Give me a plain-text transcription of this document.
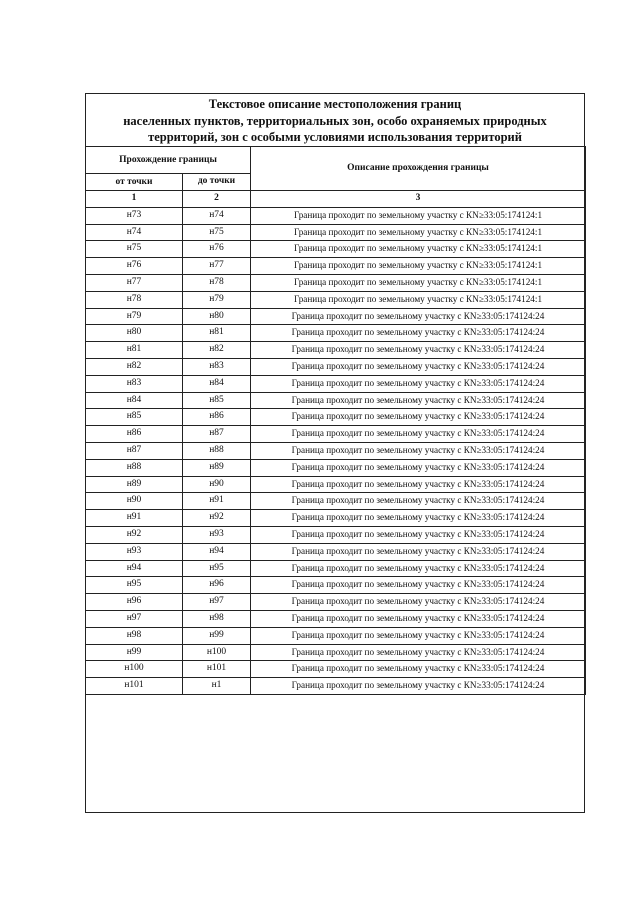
Текстовое описание местоположения границ
населенных пунктов, территориальных зон, особо охраняемых природных
территорий, зон с особыми условиями использования территорий
Прохождение границы		Описание прохождения границы
от точки	до точки	
1	2	3
н73	н74	Граница проходит по земельному участку с КN≥33:05:174124:1
н74	н75	Граница проходит по земельному участку с КN≥33:05:174124:1
н75	н76	Граница проходит по земельному участку с КN≥33:05:174124:1
н76	н77	Граница проходит по земельному участку с КN≥33:05:174124:1
н77	н78	Граница проходит по земельному участку с КN≥33:05:174124:1
н78	н79	Граница проходит по земельному участку с КN≥33:05:174124:1
н79	н80	Граница проходит по земельному участку с КN≥33:05:174124:24
н80	н81	Граница проходит по земельному участку с КN≥33:05:174124:24
н81	н82	Граница проходит по земельному участку с КN≥33:05:174124:24
н82	н83	Граница проходит по земельному участку с КN≥33:05:174124:24
н83	н84	Граница проходит по земельному участку с КN≥33:05:174124:24
н84	н85	Граница проходит по земельному участку с КN≥33:05:174124:24
н85	н86	Граница проходит по земельному участку с КN≥33:05:174124:24
н86	н87	Граница проходит по земельному участку с КN≥33:05:174124:24
н87	н88	Граница проходит по земельному участку с КN≥33:05:174124:24
н88	н89	Граница проходит по земельному участку с КN≥33:05:174124:24
н89	н90	Граница проходит по земельному участку с КN≥33:05:174124:24
н90	н91	Граница проходит по земельному участку с КN≥33:05:174124:24
н91	н92	Граница проходит по земельному участку с КN≥33:05:174124:24
н92	н93	Граница проходит по земельному участку с КN≥33:05:174124:24
н93	н94	Граница проходит по земельному участку с КN≥33:05:174124:24
н94	н95	Граница проходит по земельному участку с КN≥33:05:174124:24
н95	н96	Граница проходит по земельному участку с КN≥33:05:174124:24
н96	н97	Граница проходит по земельному участку с КN≥33:05:174124:24
н97	н98	Граница проходит по земельному участку с КN≥33:05:174124:24
н98	н99	Граница проходит по земельному участку с КN≥33:05:174124:24
н99	н100	Граница проходит по земельному участку с КN≥33:05:174124:24
н100	н101	Граница проходит по земельному участку с КN≥33:05:174124:24
н101	н1	Граница проходит по земельному участку с КN≥33:05:174124:24
